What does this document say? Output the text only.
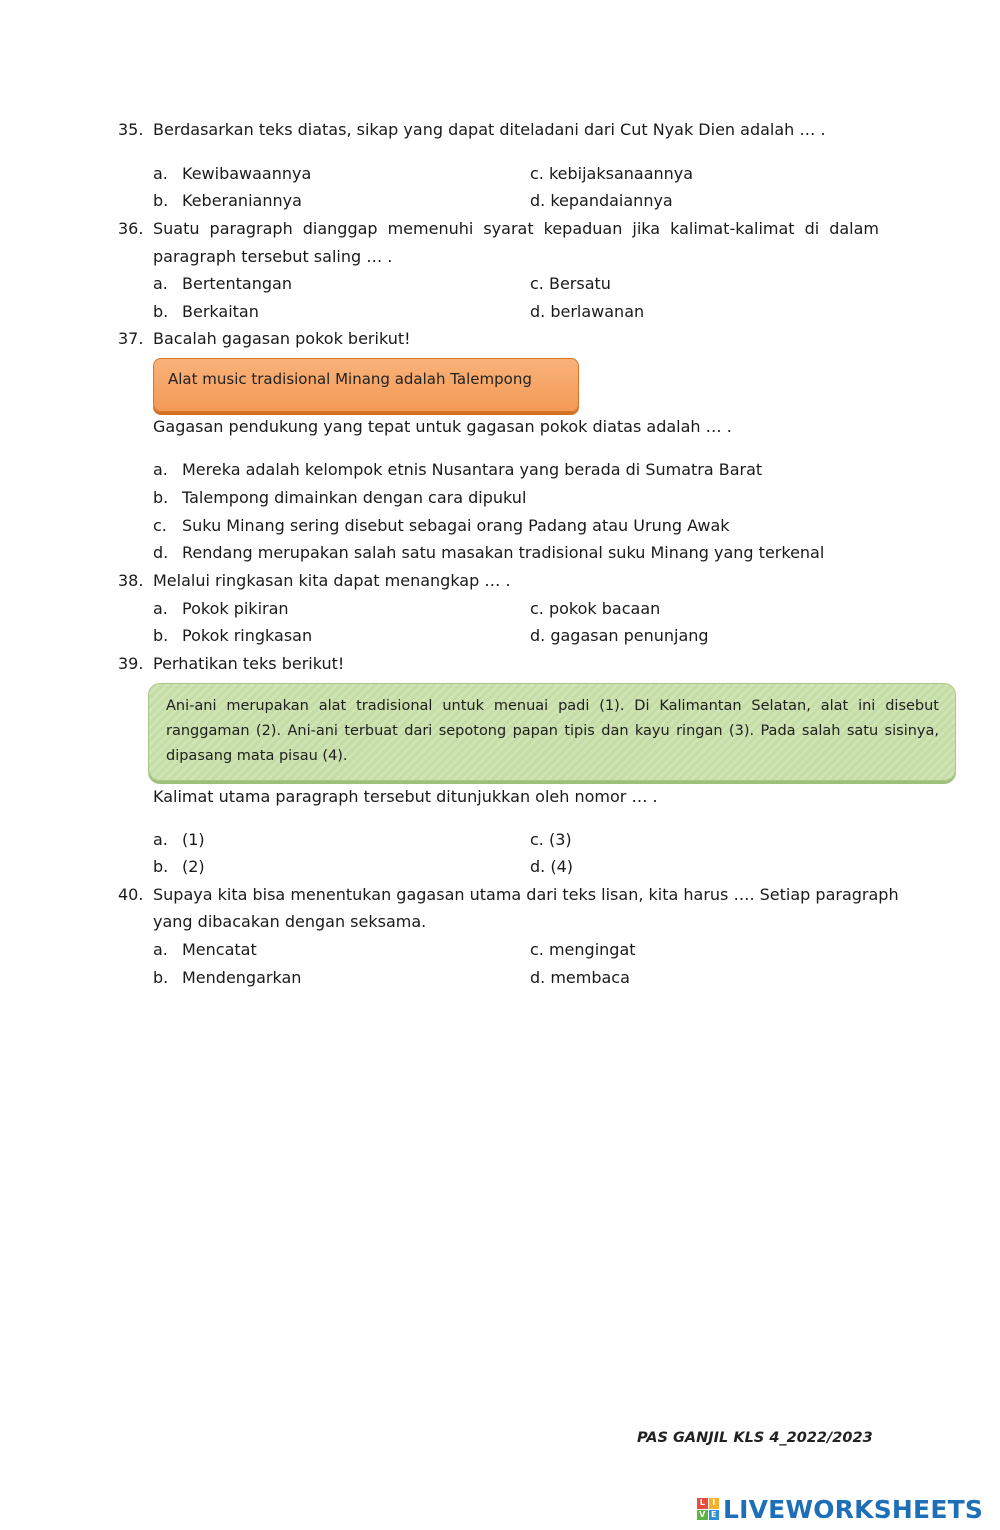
35. Berdasarkan teks diatas, sikap yang dapat diteladani dari Cut Nyak Dien adalah … .
a. Kewibawaannya	c. kebijaksanaannya
b. Keberaniannya	d. kepandaiannya
36. Suatu paragraph dianggap memenuhi syarat kepaduan jika kalimat-kalimat di dalam
paragraph tersebut saling … .
a. Bertentangan	c. Bersatu
b. Berkaitan	d. berlawanan
37. Bacalah gagasan pokok berikut!
Alat music tradisional Minang adalah Talempong
Gagasan pendukung yang tepat untuk gagasan pokok diatas adalah … .
a. Mereka adalah kelompok etnis Nusantara yang berada di Sumatra Barat
b. Talempong dimainkan dengan cara dipukul
c. Suku Minang sering disebut sebagai orang Padang atau Urung Awak
d. Rendang merupakan salah satu masakan tradisional suku Minang yang terkenal
38. Melalui ringkasan kita dapat menangkap … .
a. Pokok pikiran	c. pokok bacaan
b. Pokok ringkasan	d. gagasan penunjang
39. Perhatikan teks berikut!
Ani-ani merupakan alat tradisional untuk menuai padi (1). Di Kalimantan Selatan, alat ini disebut ranggaman (2). Ani-ani terbuat dari sepotong papan tipis dan kayu ringan (3). Pada salah satu sisinya, dipasang mata pisau (4).
Kalimat utama paragraph tersebut ditunjukkan oleh nomor … .
a. (1)	c. (3)
b. (2)	d. (4)
40. Supaya kita bisa menentukan gagasan utama dari teks lisan, kita harus …. Setiap paragraph
yang dibacakan dengan seksama.
a. Mencatat	c. mengingat
b. Mendengarkan	d. membaca
PAS GANJIL KLS 4_2022/2023
L I
V E LIVEWORKSHEETS
